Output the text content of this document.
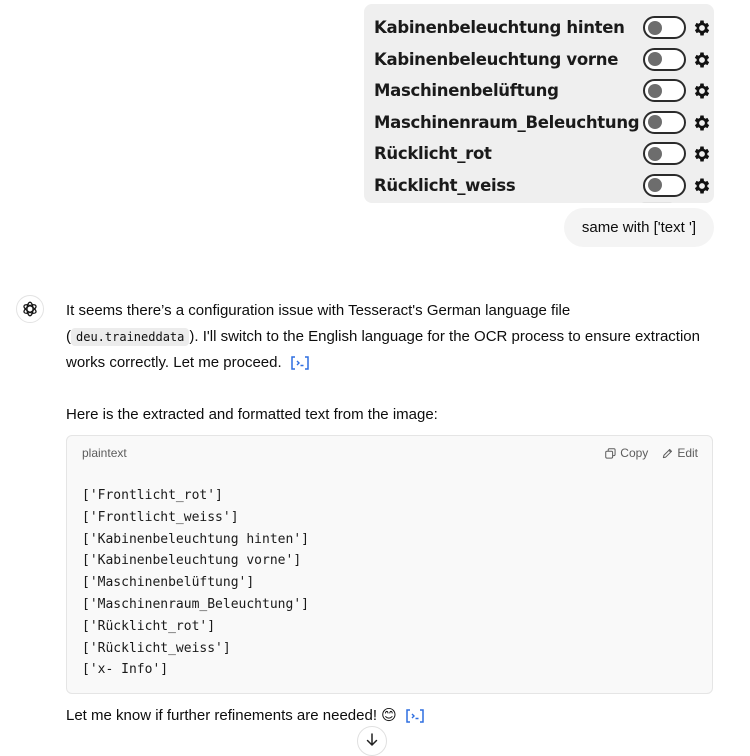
Kabinenbeleuchtung hinten
Kabinenbeleuchtung vorne
Maschinenbelüftung
Maschinenraum_Beleuchtung
Rücklicht_rot
Rücklicht_weiss
same with ['text ']
It seems there’s a configuration issue with Tesseract's German language file ( deu.traineddata ). I'll switch to the English language for the OCR process to ensure extraction works correctly. Let me proceed.
Here is the extracted and formatted text from the image:
plaintext	Copy Edit
['Frontlicht_rot']
['Frontlicht_weiss']
['Kabinenbeleuchtung hinten']
['Kabinenbeleuchtung vorne']
['Maschinenbelüftung']
['Maschinenraum_Beleuchtung']
['Rücklicht_rot']
['Rücklicht_weiss']
['x- Info']
Let me know if further refinements are needed! 😊
